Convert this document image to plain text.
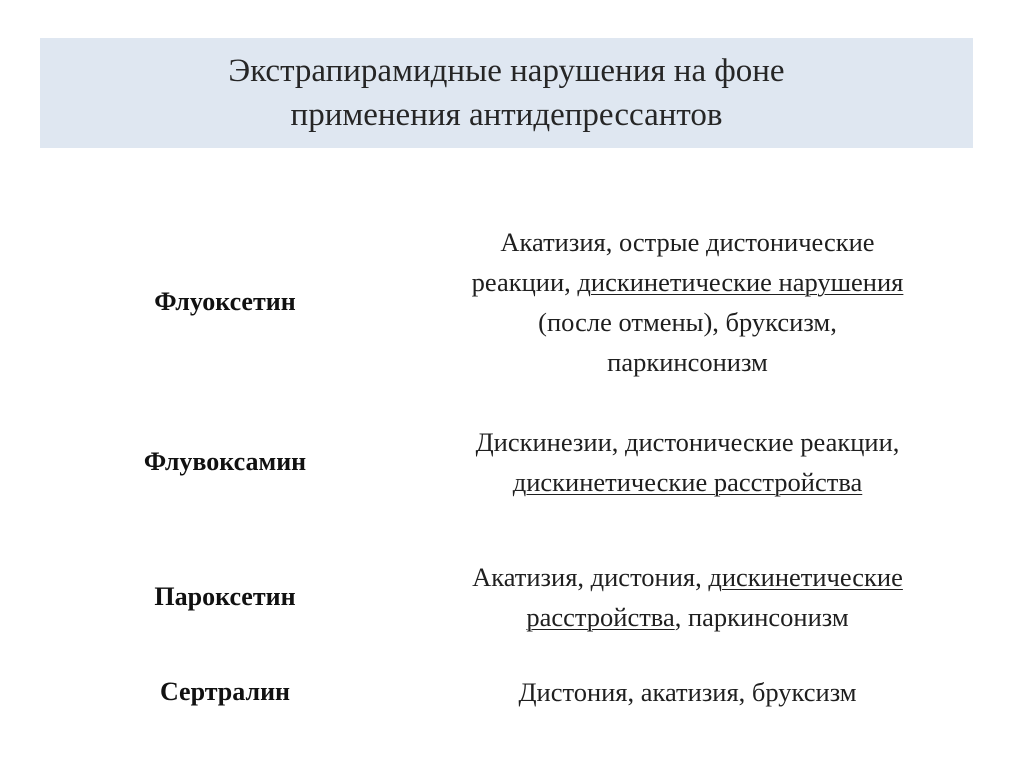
Экстрапирамидные нарушения на фоне
применения антидепрессантов
Флуоксетин
Акатизия, острые дистонические
реакции, дискинетические нарушения
(после отмены), бруксизм,
паркинсонизм
Флувоксамин
Дискинезии, дистонические реакции,
дискинетические расстройства
Пароксетин
Акатизия, дистония, дискинетические
расстройства, паркинсонизм
Сертралин	Дистония, акатизия, бруксизм
